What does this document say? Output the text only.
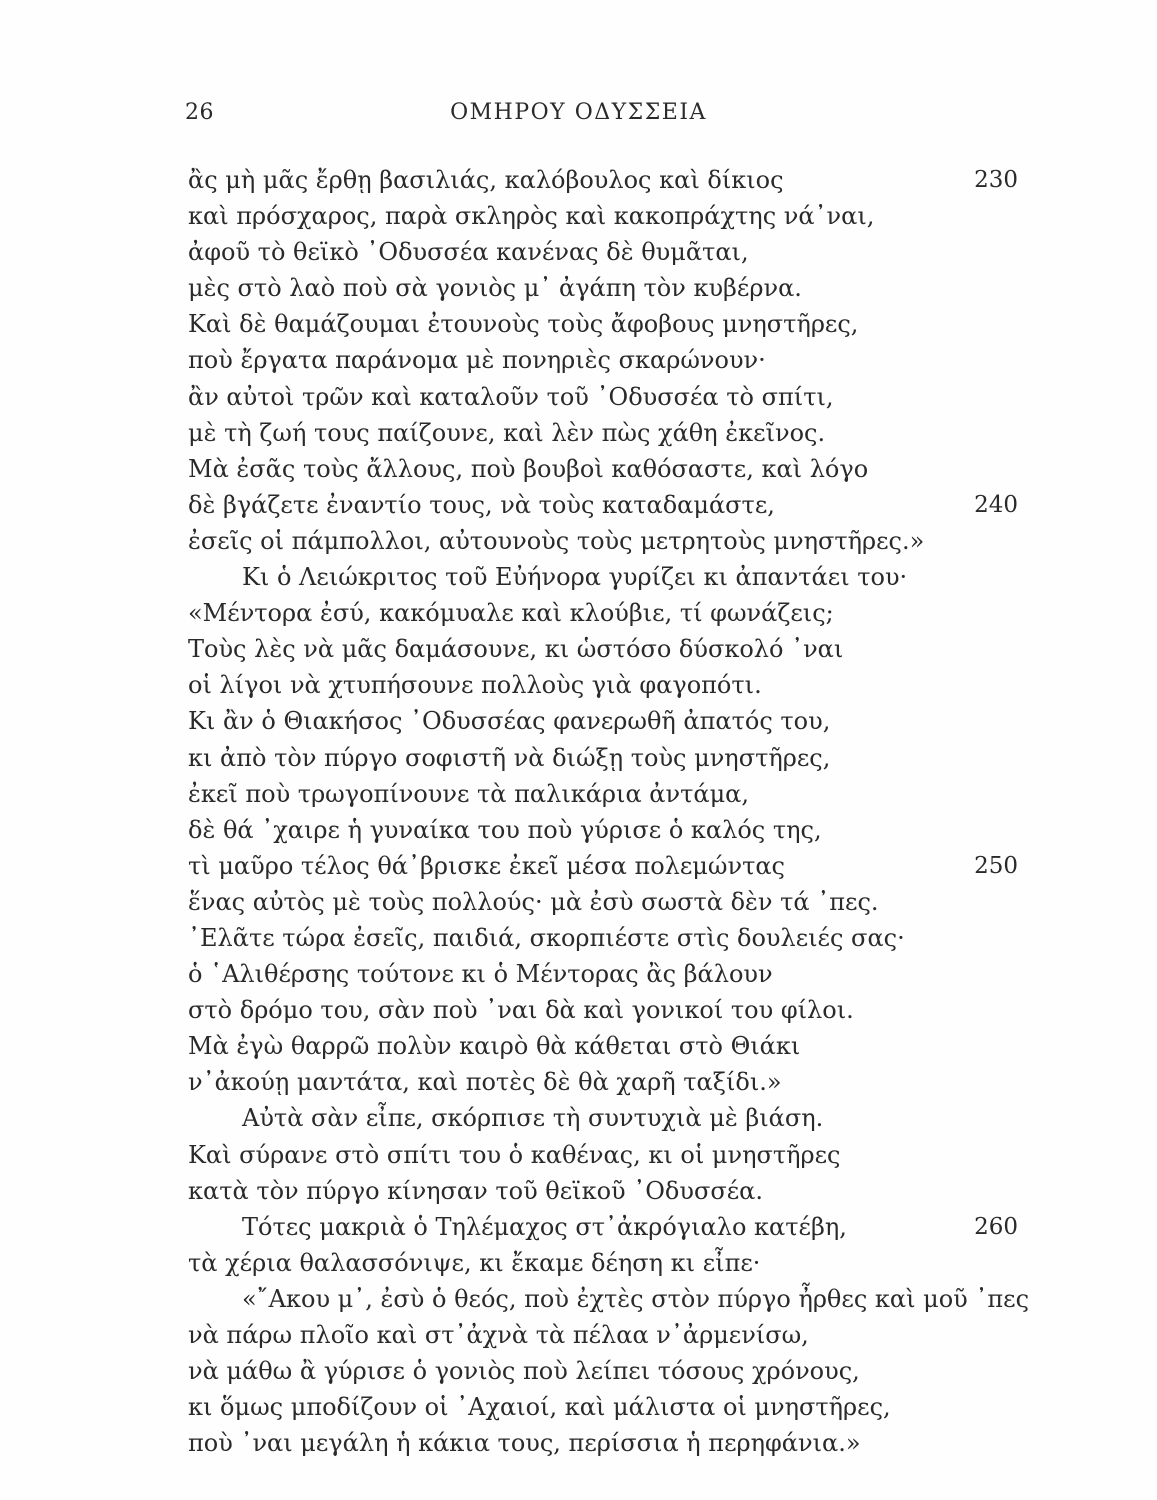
26	ΟΜΗΡΟΥ ΟΔΥΣΣΕΙΑ
ἂς μὴ μᾶς ἔρθῃ βασιλιάς, καλόβουλος καὶ δίκιος	230
καὶ πρόσχαρος, παρὰ σκληρὸς καὶ κακοπράχτης νά᾽ναι,
ἀφοῦ τὸ θεϊκὸ ᾽Οδυσσέα κανένας δὲ θυμᾶται,
μὲς στὸ λαὸ ποὺ σὰ γονιὸς μ᾽ ἀγάπη τὸν κυβέρνα.
Καὶ δὲ θαμάζουμαι ἐτουνοὺς τοὺς ἄφοβους μνηστῆρες,
ποὺ ἔργατα παράνομα μὲ πονηριὲς σκαρώνουν·
ἂν αὐτοὶ τρῶν καὶ καταλοῦν τοῦ ᾽Οδυσσέα τὸ σπίτι,
μὲ τὴ ζωή τους παίζουνε, καὶ λὲν πὼς χάθη ἐκεῖνος.
Μὰ ἐσᾶς τοὺς ἄλλους, ποὺ βουβοὶ καθόσαστε, καὶ λόγο
δὲ βγάζετε ἐναντίο τους, νὰ τοὺς καταδαμάστε,	240
ἐσεῖς οἱ πάμπολλοι, αὐτουνοὺς τοὺς μετρητοὺς μνηστῆρες.»
Κι ὁ Λειώκριτος τοῦ Εὐήνορα γυρίζει κι ἀπαντάει του·
«Μέντορα ἐσύ, κακόμυαλε καὶ κλούβιε, τί φωνάζεις;
Τοὺς λὲς νὰ μᾶς δαμάσουνε, κι ὡστόσο δύσκολό ᾽ναι
οἱ λίγοι νὰ χτυπήσουνε πολλοὺς γιὰ φαγοπότι.
Κι ἂν ὁ Θιακήσος ᾽Οδυσσέας φανερωθῆ ἀπατός του,
κι ἀπὸ τὸν πύργο σοφιστῆ νὰ διώξῃ τοὺς μνηστῆρες,
ἐκεῖ ποὺ τρωγοπίνουνε τὰ παλικάρια ἀντάμα,
δὲ θά ᾽χαιρε ἡ γυναίκα του ποὺ γύρισε ὁ καλός της,
τὶ μαῦρο τέλος θά᾽βρισκε ἐκεῖ μέσα πολεμώντας	250
ἕνας αὐτὸς μὲ τοὺς πολλούς· μὰ ἐσὺ σωστὰ δὲν τά ᾽πες.
᾽Ελᾶτε τώρα ἐσεῖς, παιδιά, σκορπιέστε στὶς δουλειές σας·
ὁ ῾Αλιθέρσης τούτονε κι ὁ Μέντορας ἂς βάλουν
στὸ δρόμο του, σὰν ποὺ ᾽ναι δὰ καὶ γονικοί του φίλοι.
Μὰ ἐγὼ θαρρῶ πολὺν καιρὸ θὰ κάθεται στὸ Θιάκι
ν᾽ἀκούῃ μαντάτα, καὶ ποτὲς δὲ θὰ χαρῆ ταξίδι.»
Αὐτὰ σὰν εἶπε, σκόρπισε τὴ συντυχιὰ μὲ βιάση.
Καὶ σύρανε στὸ σπίτι του ὁ καθένας, κι οἱ μνηστῆρες
κατὰ τὸν πύργο κίνησαν τοῦ θεϊκοῦ ᾽Οδυσσέα.
Τότες μακριὰ ὁ Τηλέμαχος στ᾽ἀκρόγιαλο κατέβη,	260
τὰ χέρια θαλασσόνιψε, κι ἔκαμε δέηση κι εἶπε·
«῎Ακου μ᾽, ἐσὺ ὁ θεός, ποὺ ἐχτὲς στὸν πύργο ἦρθες καὶ μοῦ ᾽πες
νὰ πάρω πλοῖο καὶ στ᾽ἀχνὰ τὰ πέλαα ν᾽ἀρμενίσω,
νὰ μάθω ἂ γύρισε ὁ γονιὸς ποὺ λείπει τόσους χρόνους,
κι ὅμως μποδίζουν οἱ ᾽Αχαιοί, καὶ μάλιστα οἱ μνηστῆρες,
ποὺ ᾽ναι μεγάλη ἡ κάκια τους, περίσσια ἡ περηφάνια.»
